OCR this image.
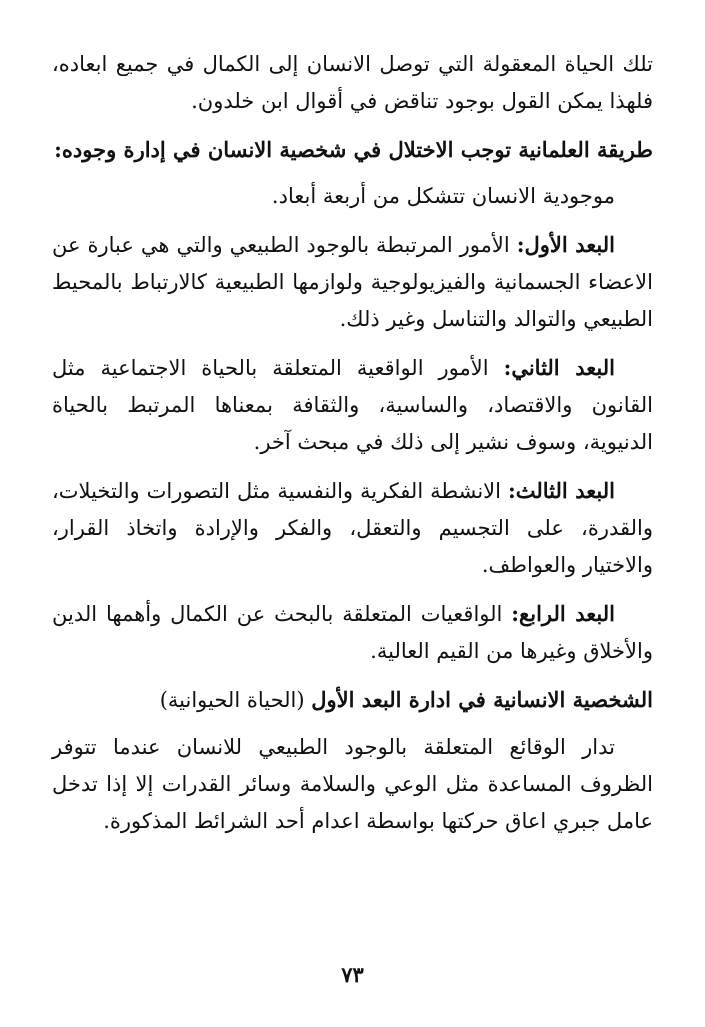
تلك الحياة المعقولة التي توصل الانسان إلى الكمال في جميع ابعاده، فلهذا يمكن القول بوجود تناقض في أقوال ابن خلدون.

طريقة العلمانية توجب الاختلال في شخصية الانسان في إدارة وجوده:

موجودية الانسان تتشكل من أربعة أبعاد.

البعد الأول: الأمور المرتبطة بالوجود الطبيعي والتي هي عبارة عن الاعضاء الجسمانية والفيزيولوجية ولوازمها الطبيعية كالارتباط بالمحيط الطبيعي والتوالد والتناسل وغير ذلك.

البعد الثاني: الأمور الواقعية المتعلقة بالحياة الاجتماعية مثل القانون والاقتصاد، والساسية، والثقافة بمعناها المرتبط بالحياة الدنيوية، وسوف نشير إلى ذلك في مبحث آخر.

البعد الثالث: الانشطة الفكرية والنفسية مثل التصورات والتخيلات، والقدرة، على التجسيم والتعقل، والفكر والإرادة واتخاذ القرار، والاختيار والعواطف.

البعد الرابع: الواقعيات المتعلقة بالبحث عن الكمال وأهمها الدين والأخلاق وغيرها من القيم العالية.

الشخصية الانسانية في ادارة البعد الأول (الحياة الحيوانية)

تدار الوقائع المتعلقة بالوجود الطبيعي للانسان عندما تتوفر الظروف المساعدة مثل الوعي والسلامة وسائر القدرات إلا إذا تدخل عامل جبري اعاق حركتها بواسطة اعدام أحد الشرائط المذكورة.

٧٣
